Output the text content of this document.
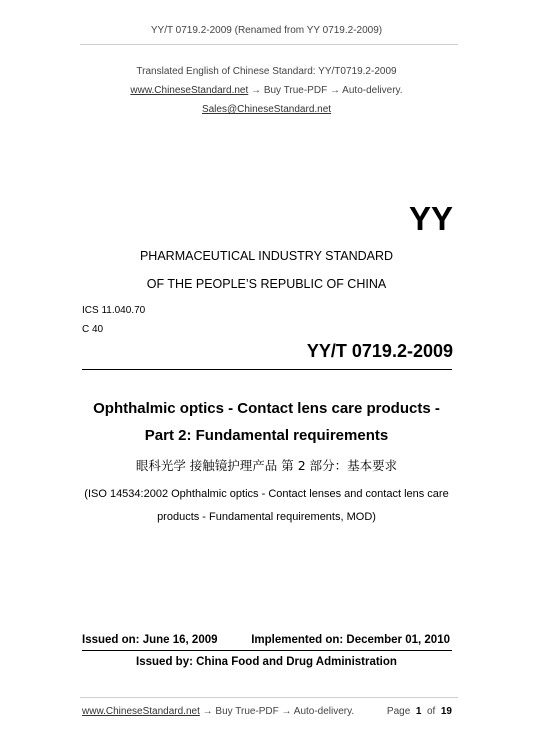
YY/T 0719.2-2009 (Renamed from YY 0719.2-2009)
Translated English of Chinese Standard: YY/T0719.2-2009
www.ChineseStandard.net → Buy True-PDF → Auto-delivery.
Sales@ChineseStandard.net
YY
PHARMACEUTICAL INDUSTRY STANDARD
OF THE PEOPLE’S REPUBLIC OF CHINA
ICS 11.040.70
C 40
YY/T 0719.2-2009
Ophthalmic optics - Contact lens care products -
Part 2: Fundamental requirements
眼科光学 接触镜护理产品 第 2 部分：基本要求
(ISO 14534:2002 Ophthalmic optics - Contact lenses and contact lens care
products - Fundamental requirements, MOD)
Issued on: June 16, 2009	Implemented on: December 01, 2010
Issued by: China Food and Drug Administration
www.ChineseStandard.net → Buy True-PDF → Auto-delivery.	Page 1 of 19
